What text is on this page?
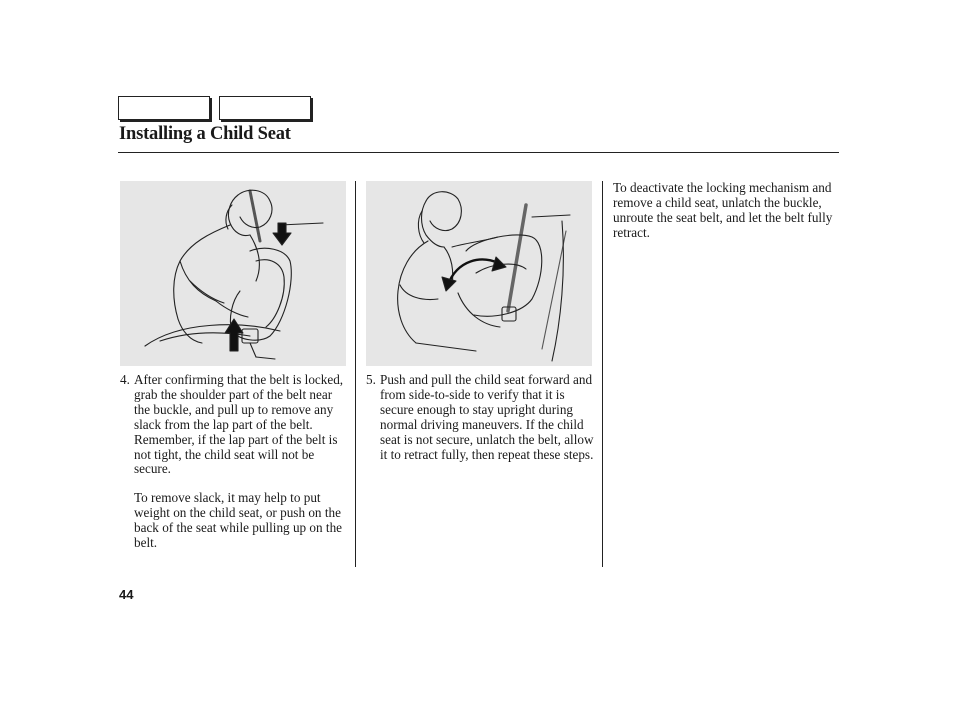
Installing a Child Seat
4. After confirming that the belt is locked, grab the shoulder part of the belt near the buckle, and pull up to remove any slack from the lap part of the belt. Remember, if the lap part of the belt is not tight, the child seat will not be secure.
To remove slack, it may help to put weight on the child seat, or push on the back of the seat while pulling up on the belt.
5. Push and pull the child seat forward and from side-to-side to verify that it is secure enough to stay upright during normal driving maneuvers. If the child seat is not secure, unlatch the belt, allow it to retract fully, then repeat these steps.
To deactivate the locking mechanism and remove a child seat, unlatch the buckle, unroute the seat belt, and let the belt fully retract.
44
